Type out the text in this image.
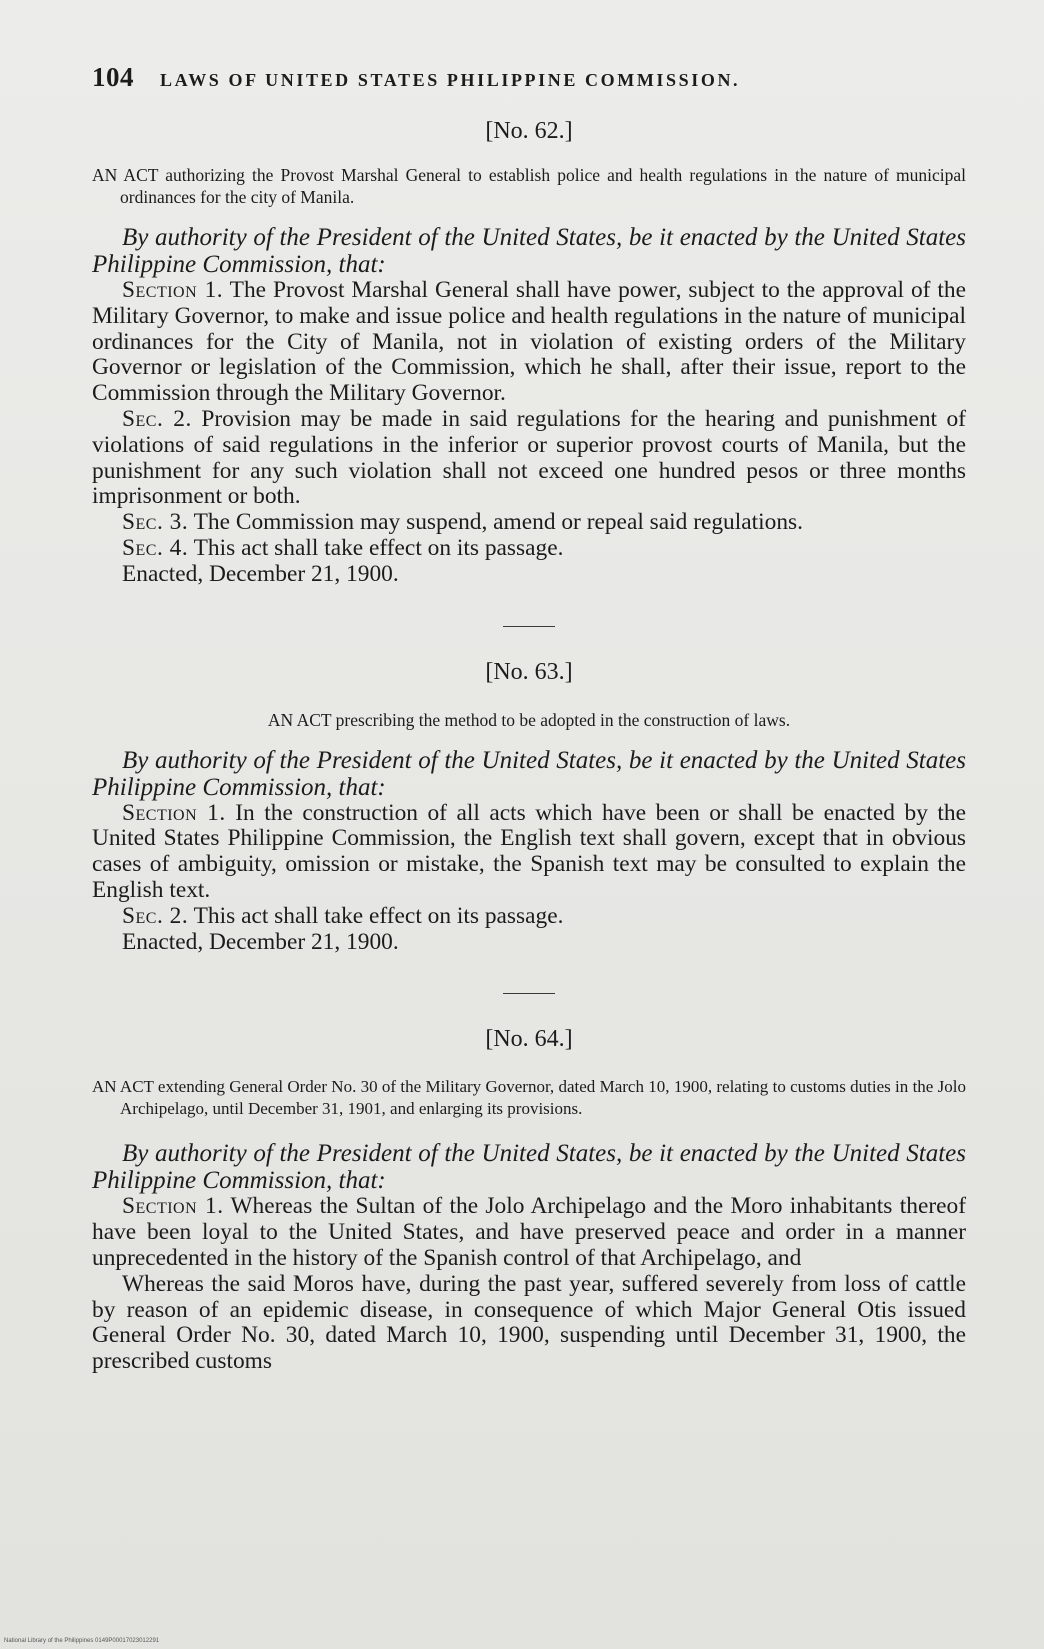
104 LAWS OF UNITED STATES PHILIPPINE COMMISSION.
[No. 62.]

AN ACT authorizing the Provost Marshal General to establish police and health regulations in the nature of municipal ordinances for the city of Manila.

By authority of the President of the United States, be it enacted by the United States Philippine Commission, that:

Section 1. The Provost Marshal General shall have power, subject to the approval of the Military Governor, to make and issue police and health regulations in the nature of municipal ordinances for the City of Manila, not in violation of existing orders of the Military Governor or legislation of the Commission, which he shall, after their issue, report to the Commission through the Military Governor.

Sec. 2. Provision may be made in said regulations for the hearing and punishment of violations of said regulations in the inferior or superior provost courts of Manila, but the punishment for any such violation shall not exceed one hundred pesos or three months imprisonment or both.

Sec. 3. The Commission may suspend, amend or repeal said regulations.

Sec. 4. This act shall take effect on its passage.

Enacted, December 21, 1900.

[No. 63.]

AN ACT prescribing the method to be adopted in the construction of laws.

By authority of the President of the United States, be it enacted by the United States Philippine Commission, that:

Section 1. In the construction of all acts which have been or shall be enacted by the United States Philippine Commission, the English text shall govern, except that in obvious cases of ambiguity, omission or mistake, the Spanish text may be consulted to explain the English text.

Sec. 2. This act shall take effect on its passage.

Enacted, December 21, 1900.

[No. 64.]

AN ACT extending General Order No. 30 of the Military Governor, dated March 10, 1900, relating to customs duties in the Jolo Archipelago, until December 31, 1901, and enlarging its provisions.

By authority of the President of the United States, be it enacted by the United States Philippine Commission, that:

Section 1. Whereas the Sultan of the Jolo Archipelago and the Moro inhabitants thereof have been loyal to the United States, and have preserved peace and order in a manner unprecedented in the history of the Spanish control of that Archipelago, and

Whereas the said Moros have, during the past year, suffered severely from loss of cattle by reason of an epidemic disease, in consequence of which Major General Otis issued General Order No. 30, dated March 10, 1900, suspending until December 31, 1900, the prescribed customs

National Library of the Philippines 0149P00017023012291
